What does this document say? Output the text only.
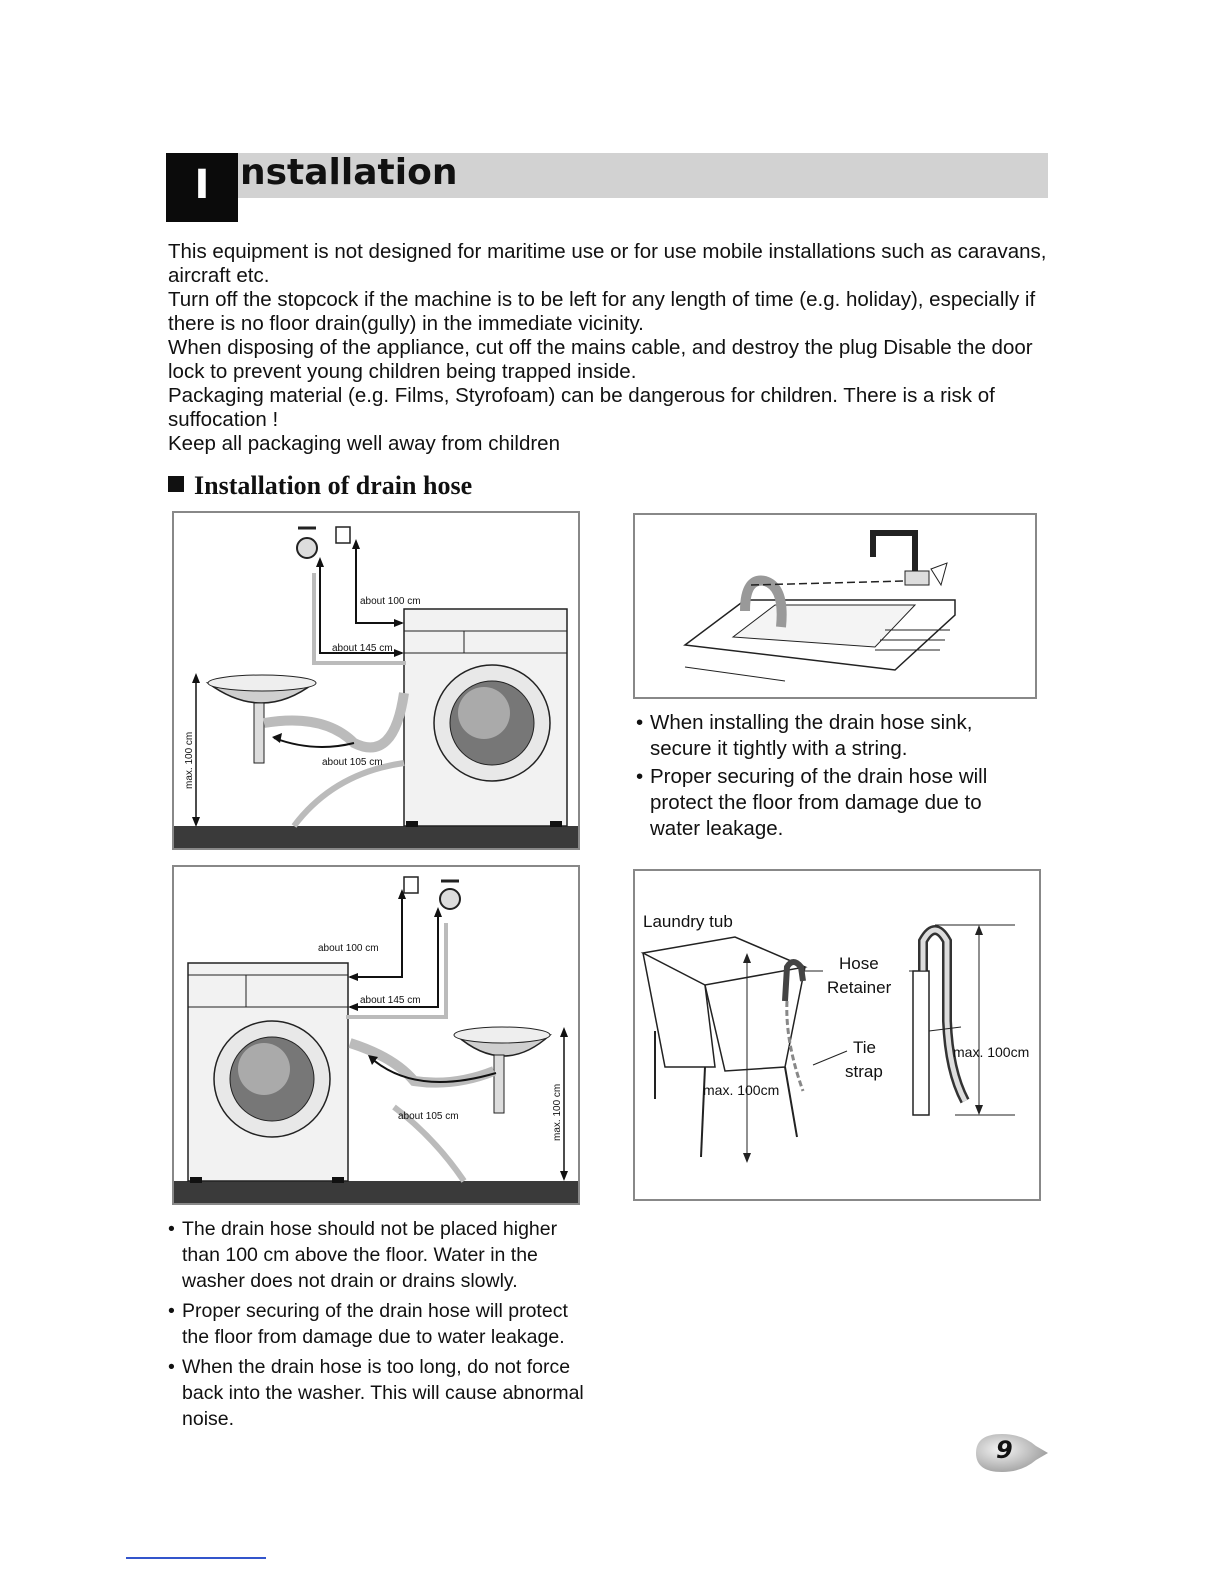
I nstallation

This equipment is not designed for maritime use or for use mobile installations such as caravans, aircraft etc.

Turn off the stopcock if the machine is to be left for any length of time (e.g. holiday), especially if there is no floor drain(gully) in the immediate vicinity.

When disposing of the appliance, cut off the mains cable, and destroy the plug Disable the door lock to prevent young children being trapped inside.

Packaging material (e.g. Films, Styrofoam) can be dangerous for children. There is a risk of suffocation !

Keep all packaging well away from children

Installation of drain hose
about 100 cm
about 145 cm
about 105 cm
max. 100 cm
• When installing the drain hose sink, secure it tightly with a string.
• Proper securing of the drain hose will protect the floor from damage due to water leakage.
about 100 cm
about 145 cm
about 105 cm	max. 100 cm
Laundry tub
max. 100cm
Hose
Retainer
Tie
strap
max. 100cm
• The drain hose should not be placed higher than 100 cm above the floor. Water in the washer does not drain or drains slowly.
• Proper securing of the drain hose will protect the floor from damage due to water leakage.
• When the drain hose is too long, do not force back into the washer. This will cause abnormal noise.
9
